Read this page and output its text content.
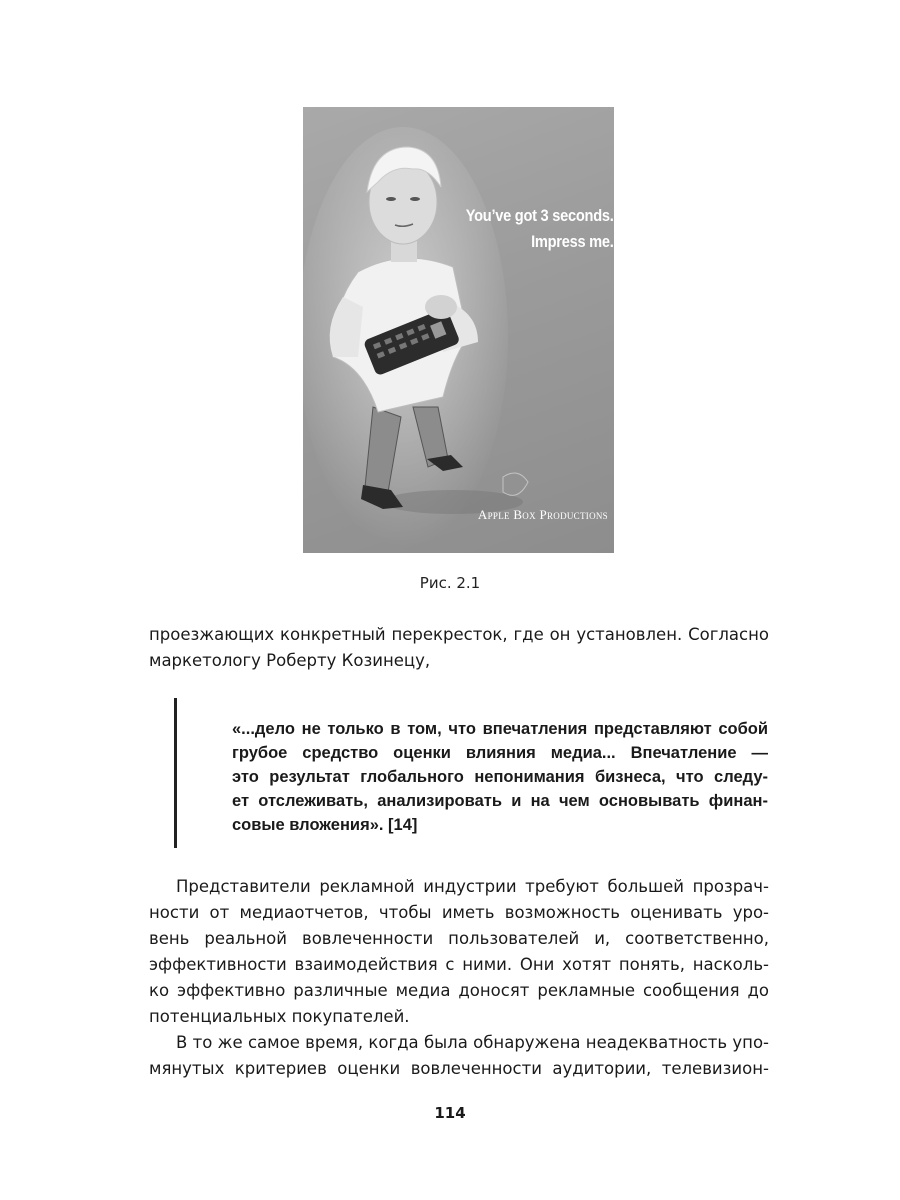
You’ve got 3 seconds.
Impress me.
Apple Box Productions
Рис. 2.1
проезжающих конкретный перекресток, где он установлен. Согласно
маркетологу Роберту Козинецу,
«...дело не только в том, что впечатления представляют собой
грубое средство оценки влияния медиа... Впечатление —
это результат глобального непонимания бизнеса, что следу-
ет отслеживать, анализировать и на чем основывать финан-
совые вложения». [14]
Представители рекламной индустрии требуют большей прозрач-
ности от медиаотчетов, чтобы иметь возможность оценивать уро-
вень реальной вовлеченности пользователей и, соответственно,
эффективности взаимодействия с ними. Они хотят понять, насколь-
ко эффективно различные медиа доносят рекламные сообщения до
потенциальных покупателей.
В то же самое время, когда была обнаружена неадекватность упо-
мянутых критериев оценки вовлеченности аудитории, телевизион-
114
